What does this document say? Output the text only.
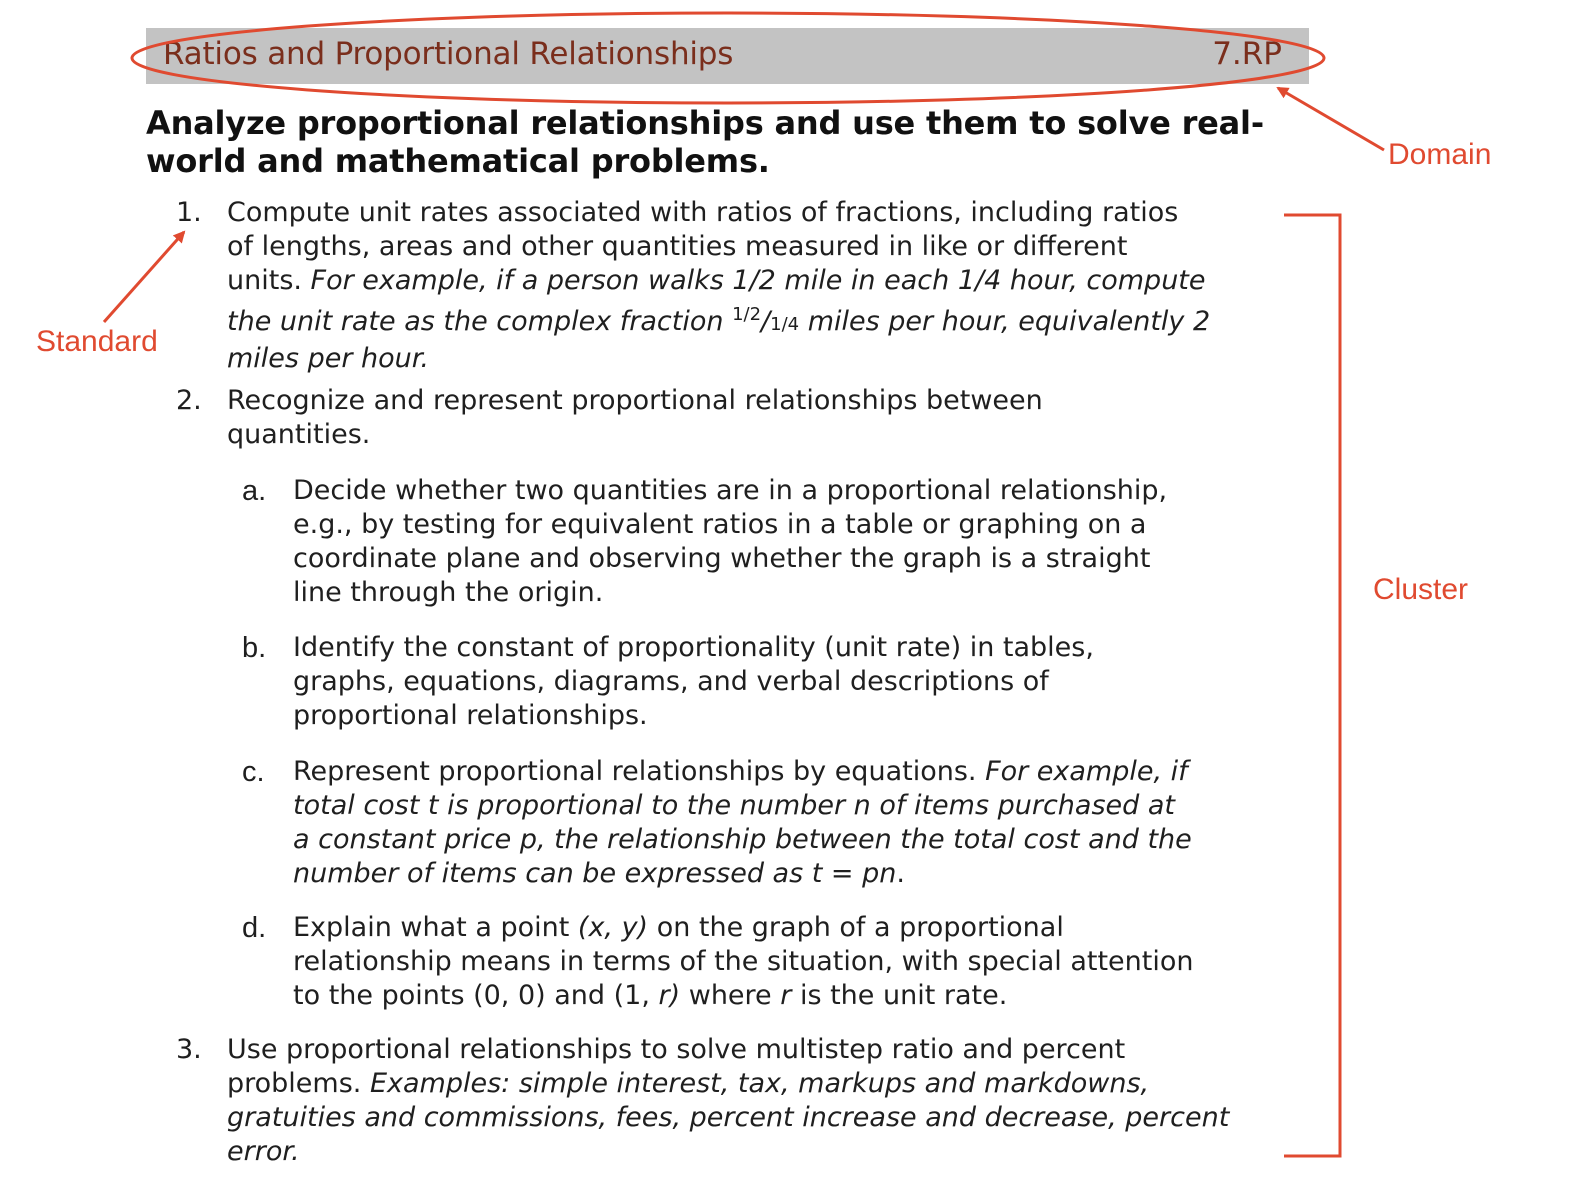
Ratios and Proportional Relationships	7.RP
Analyze proportional relationships and use them to solve real-world and mathematical problems.
1. Compute unit rates associated with ratios of fractions, including ratios
of lengths, areas and other quantities measured in like or different
units. For example, if a person walks 1/2 mile in each 1/4 hour, compute
the unit rate as the complex fraction $^{1/2}$/1/4 miles per hour, equivalently 2
miles per hour.
2. Recognize and represent proportional relationships between
quantities.
a. Decide whether two quantities are in a proportional relationship,
e.g., by testing for equivalent ratios in a table or graphing on a
coordinate plane and observing whether the graph is a straight
line through the origin.
b. Identify the constant of proportionality (unit rate) in tables,
graphs, equations, diagrams, and verbal descriptions of
proportional relationships.
c. Represent proportional relationships by equations. For example, if
total cost t is proportional to the number n of items purchased at
a constant price p, the relationship between the total cost and the
number of items can be expressed as t = pn.
d. Explain what a point (x, y) on the graph of a proportional
relationship means in terms of the situation, with special attention
to the points (0, 0) and (1, r) where r is the unit rate.
3. Use proportional relationships to solve multistep ratio and percent
problems. Examples: simple interest, tax, markups and markdowns,
gratuities and commissions, fees, percent increase and decrease, percent
error.
Domain
Standard
Cluster
